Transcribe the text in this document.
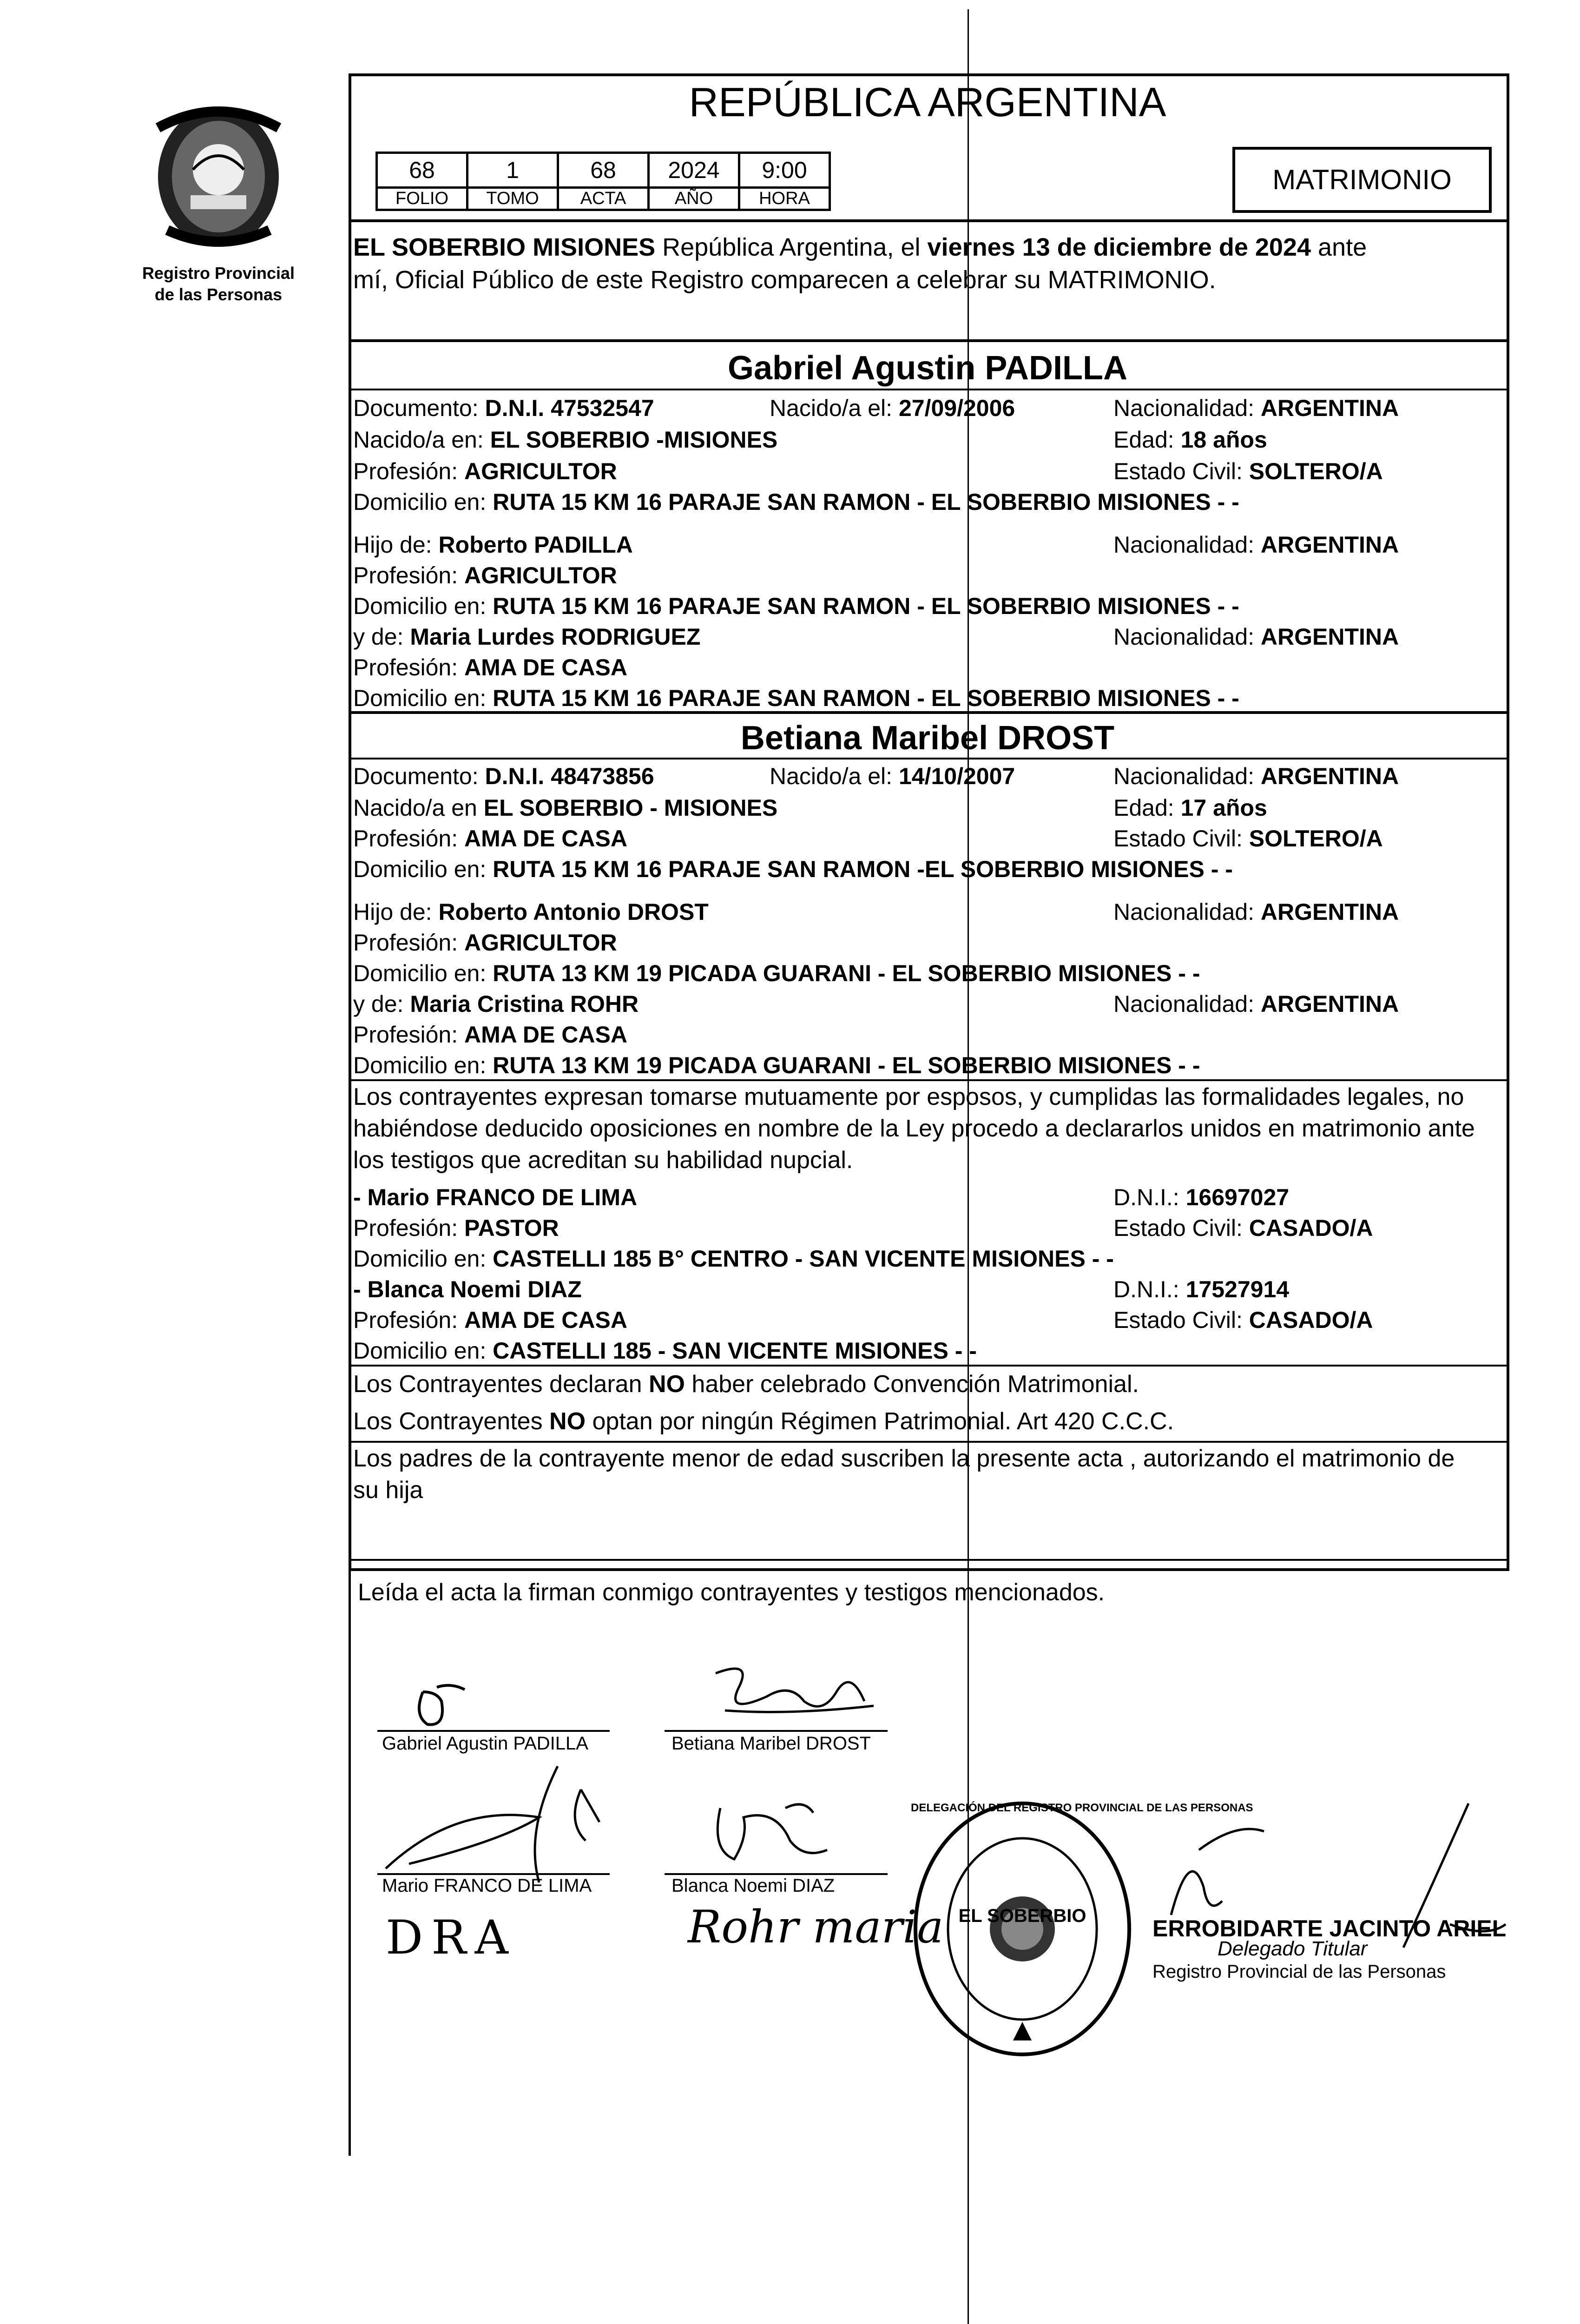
Registro Provincial
de las Personas
REPÚBLICA ARGENTINA
68	1	68	2024	9:00
FOLIO	TOMO	ACTA	AÑO	HORA
MATRIMONIO
EL SOBERBIO MISIONES República Argentina, el viernes 13 de diciembre de 2024 ante
mí, Oficial Público de este Registro comparecen a celebrar su MATRIMONIO.
Gabriel Agustin PADILLA
Documento: D.N.I. 47532547	Nacido/a el: 27/09/2006	Nacionalidad: ARGENTINA
Nacido/a en: EL SOBERBIO -MISIONES	Edad: 18 años
Profesión: AGRICULTOR	Estado Civil: SOLTERO/A
Domicilio en: RUTA 15 KM 16 PARAJE SAN RAMON - EL SOBERBIO MISIONES - -
Hijo de: Roberto PADILLA	Nacionalidad: ARGENTINA
Profesión: AGRICULTOR
Domicilio en: RUTA 15 KM 16 PARAJE SAN RAMON - EL SOBERBIO MISIONES - -
y de: Maria Lurdes RODRIGUEZ	Nacionalidad: ARGENTINA
Profesión: AMA DE CASA
Domicilio en: RUTA 15 KM 16 PARAJE SAN RAMON - EL SOBERBIO MISIONES - -
Betiana Maribel DROST
Documento: D.N.I. 48473856	Nacido/a el: 14/10/2007	Nacionalidad: ARGENTINA
Nacido/a en EL SOBERBIO - MISIONES	Edad: 17 años
Profesión: AMA DE CASA	Estado Civil: SOLTERO/A
Domicilio en: RUTA 15 KM 16 PARAJE SAN RAMON -EL SOBERBIO MISIONES - -
Hijo de: Roberto Antonio DROST	Nacionalidad: ARGENTINA
Profesión: AGRICULTOR
Domicilio en: RUTA 13 KM 19 PICADA GUARANI - EL SOBERBIO MISIONES - -
y de: Maria Cristina ROHR	Nacionalidad: ARGENTINA
Profesión: AMA DE CASA
Domicilio en: RUTA 13 KM 19 PICADA GUARANI - EL SOBERBIO MISIONES - -
Los contrayentes expresan tomarse mutuamente por esposos, y cumplidas las formalidades legales, no
habiéndose deducido oposiciones en nombre de la Ley procedo a declararlos unidos en matrimonio ante
los testigos que acreditan su habilidad nupcial.
- Mario FRANCO DE LIMA	D.N.I.: 16697027
Profesión: PASTOR	Estado Civil: CASADO/A
Domicilio en: CASTELLI 185 B° CENTRO - SAN VICENTE MISIONES - -
- Blanca Noemi DIAZ	D.N.I.: 17527914
Profesión: AMA DE CASA	Estado Civil: CASADO/A
Domicilio en: CASTELLI 185 - SAN VICENTE MISIONES - -
Los Contrayentes declaran NO haber celebrado Convención Matrimonial.
Los Contrayentes NO optan por ningún Régimen Patrimonial. Art 420 C.C.C.
Los padres de la contrayente menor de edad suscriben la presente acta , autorizando el matrimonio de
su hija
Leída el acta la firman conmigo contrayentes y testigos mencionados.
Gabriel Agustin PADILLA	Betiana Maribel DROST
Mario FRANCO DE LIMA
DRA
Blanca Noemi DIAZ
Rohr maria EL SOBERBIO
DELEGACIÓN DEL REGISTRO PROVINCIAL DE LAS PERSONAS
ERROBIDARTE JACINTO ARIEL
Delegado Titular
Registro Provincial de las Personas
